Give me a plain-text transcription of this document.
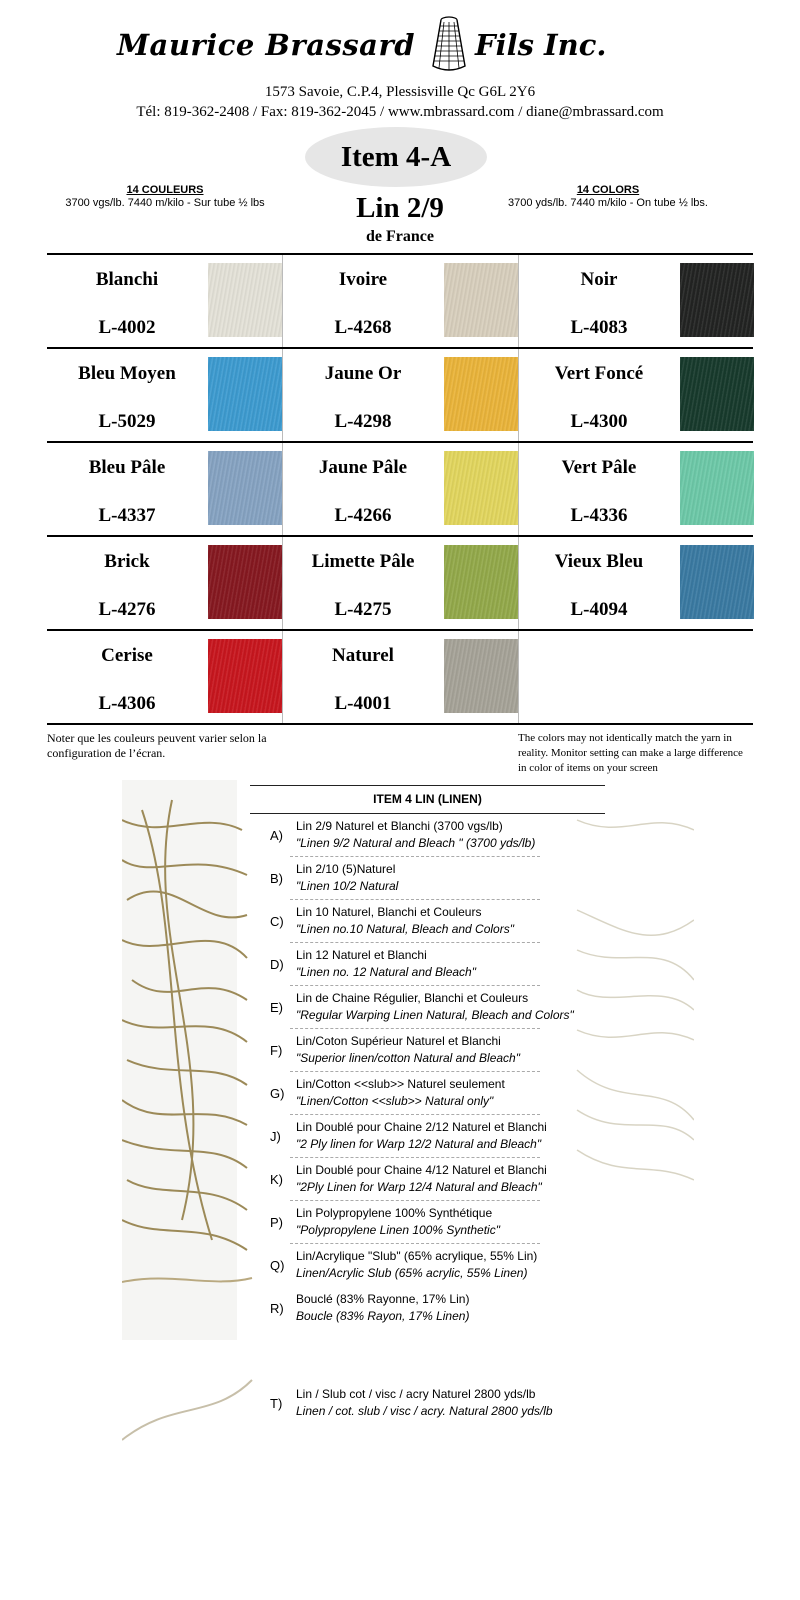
Maurice Brassard Fils Inc.
1573 Savoie, C.P.4, Plessisville Qc G6L 2Y6
Tél: 819-362-2408 / Fax: 819-362-2045 / www.mbrassard.com / diane@mbrassard.com
Item 4-A
14 COULEURS
3700 vgs/lb. 7440 m/kilo - Sur tube ½ lbs
14 COLORS
3700 yds/lb. 7440 m/kilo - On tube ½ lbs.
Lin 2/9
de France
Blanchi
L-4002
Ivoire
L-4268
Noir
L-4083
Bleu Moyen
L-5029
Jaune Or
L-4298
Vert Foncé
L-4300
Bleu Pâle
L-4337
Jaune Pâle
L-4266
Vert Pâle
L-4336
Brick
L-4276
Limette Pâle
L-4275
Vieux Bleu
L-4094
Cerise
L-4306
Naturel
L-4001
Noter que les couleurs peuvent varier selon la configuration de l’écran.
The colors may not identically match the yarn in reality. Monitor setting can make a large difference in color of items on your screen
ITEM 4 LIN (LINEN)
A)
Lin 2/9 Naturel et Blanchi (3700 vgs/lb)
"Linen 9/2 Natural and Bleach " (3700 yds/lb)
B)
Lin 2/10 (5)Naturel
"Linen 10/2 Natural
C)
Lin 10 Naturel, Blanchi et Couleurs
"Linen no.10 Natural, Bleach and Colors"
D)
Lin 12 Naturel et Blanchi
"Linen no. 12 Natural and Bleach"
E)
Lin de Chaine Régulier, Blanchi et Couleurs
"Regular Warping Linen Natural, Bleach and Colors"
F)
Lin/Coton Supérieur Naturel et Blanchi
"Superior linen/cotton Natural and Bleach"
G)
Lin/Cotton <<slub>> Naturel seulement
"Linen/Cotton <<slub>> Natural only"
J)
Lin Doublé pour Chaine 2/12 Naturel et Blanchi
"2 Ply linen for Warp 12/2 Natural and Bleach"
K)
Lin Doublé pour Chaine 4/12 Naturel et Blanchi
"2Ply Linen for Warp 12/4 Natural and Bleach"
P)
Lin Polypropylene 100% Synthétique
"Polypropylene Linen 100% Synthetic"
Q)
Lin/Acrylique "Slub" (65% acrylique, 55% Lin)
Linen/Acrylic Slub (65% acrylic, 55% Linen)
R)
Bouclé (83% Rayonne, 17% Lin)
Boucle (83% Rayon, 17% Linen)
T)
Lin / Slub cot / visc / acry Naturel 2800 yds/lb
Linen / cot. slub / visc / acry. Natural 2800 yds/lb
